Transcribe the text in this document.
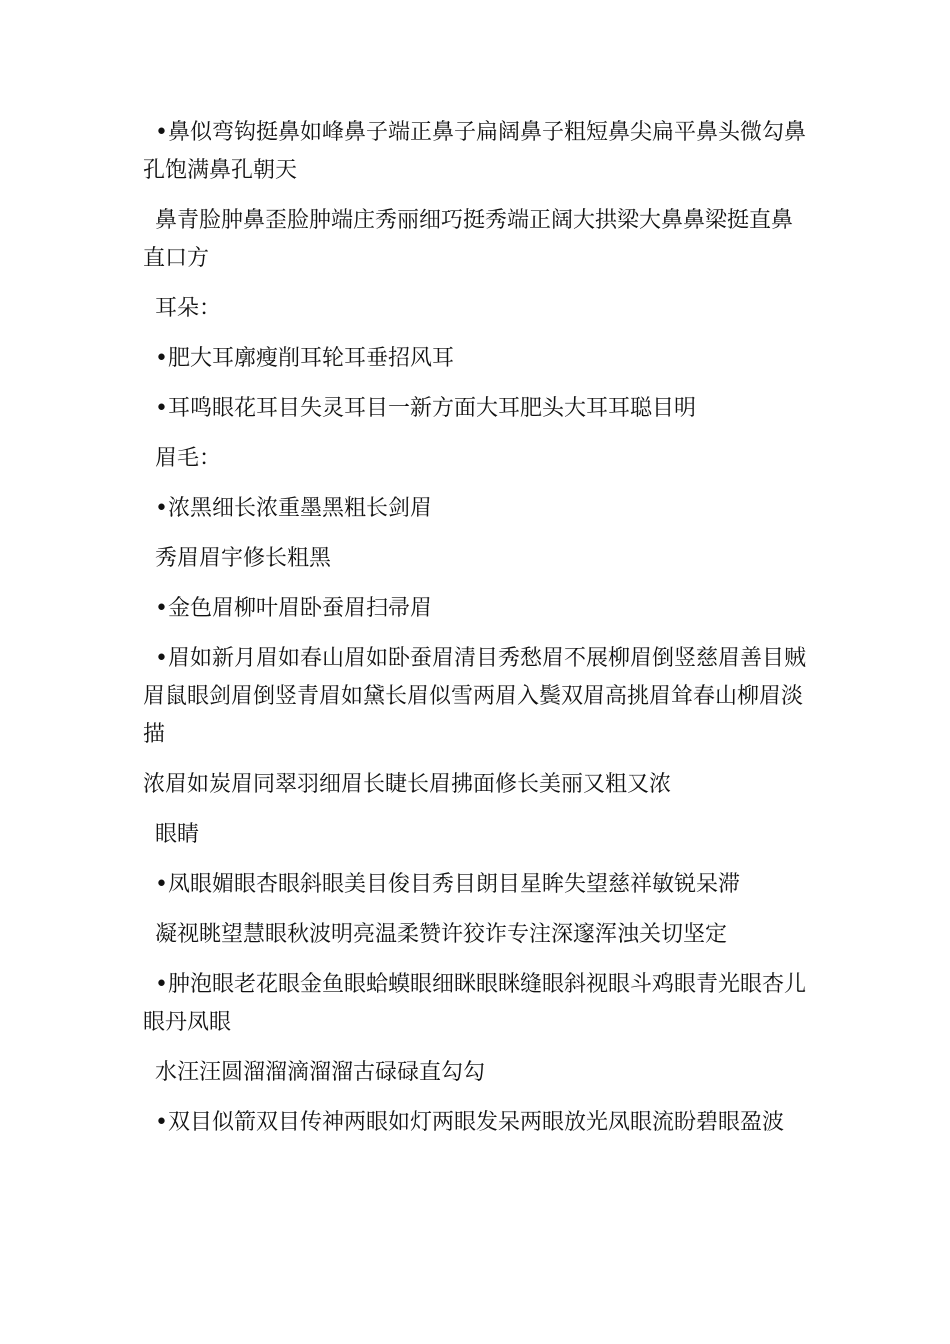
•鼻似弯钩挺鼻如峰鼻子端正鼻子扁阔鼻子粗短鼻尖扁平鼻头微勾鼻孔饱满鼻孔朝天

鼻青脸肿鼻歪脸肿端庄秀丽细巧挺秀端正阔大拱梁大鼻鼻梁挺直鼻直口方

耳朵：

•肥大耳廓瘦削耳轮耳垂招风耳

•耳鸣眼花耳目失灵耳目一新方面大耳肥头大耳耳聪目明

眉毛：

•浓黑细长浓重墨黑粗长剑眉

秀眉眉宇修长粗黑

•金色眉柳叶眉卧蚕眉扫帚眉

•眉如新月眉如春山眉如卧蚕眉清目秀愁眉不展柳眉倒竖慈眉善目贼眉鼠眼剑眉倒竖青眉如黛长眉似雪两眉入鬓双眉高挑眉耸春山柳眉淡描

浓眉如炭眉同翠羽细眉长睫长眉拂面修长美丽又粗又浓

眼睛

•凤眼媚眼杏眼斜眼美目俊目秀目朗目星眸失望慈祥敏锐呆滞

凝视眺望慧眼秋波明亮温柔赞许狡诈专注深邃浑浊关切坚定

•肿泡眼老花眼金鱼眼蛤蟆眼细眯眼眯缝眼斜视眼斗鸡眼青光眼杏儿眼丹凤眼

水汪汪圆溜溜滴溜溜古碌碌直勾勾

•双目似箭双目传神两眼如灯两眼发呆两眼放光凤眼流盼碧眼盈波
